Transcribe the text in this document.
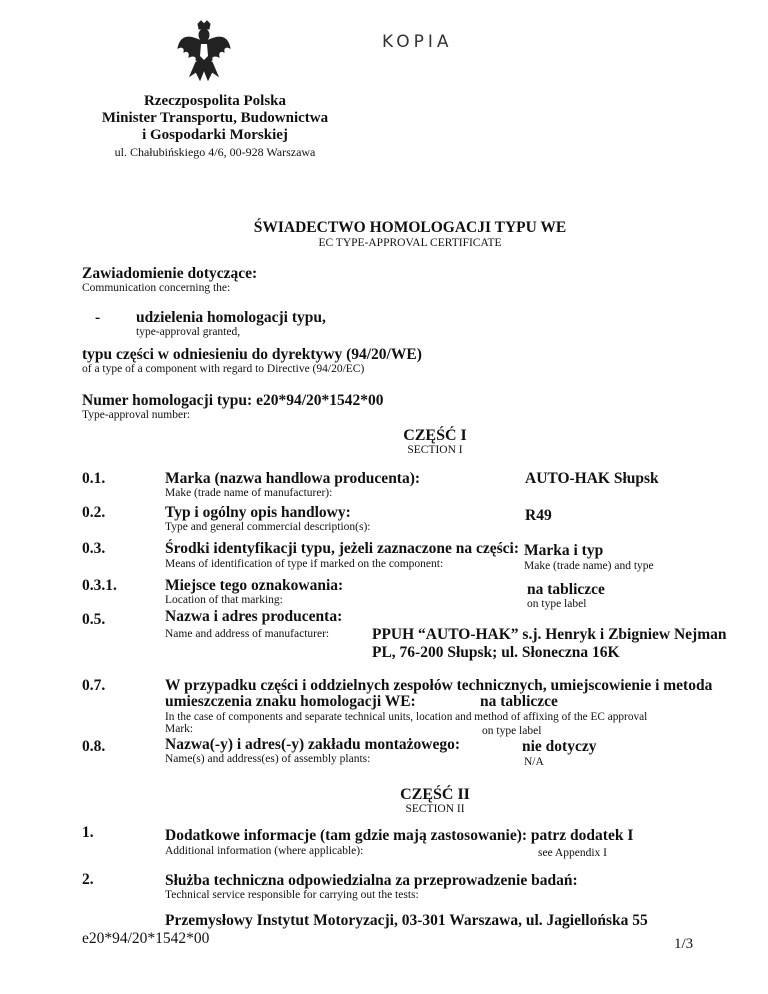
KOPIA
Rzeczpospolita Polska
Minister Transportu, Budownictwa
i Gospodarki Morskiej
ul. Chałubińskiego 4/6, 00-928 Warszawa
ŚWIADECTWO HOMOLOGACJI TYPU WE
EC TYPE-APPROVAL CERTIFICATE
Zawiadomienie dotyczące:
Communication concerning the:
- udzielenia homologacji typu,
type-approval granted,
typu części w odniesieniu do dyrektywy (94/20/WE)
of a type of a component with regard to Directive (94/20/EC)
Numer homologacji typu: e20*94/20*1542*00
Type-approval number:
CZĘŚĆ I
SECTION I
0.1.	Marka (nazwa handlowa producenta):
Make (trade name of manufacturer):
AUTO-HAK Słupsk
0.2.	Typ i ogólny opis handlowy:
Type and general commercial description(s):
R49
0.3.	Środki identyfikacji typu, jeżeli zaznaczone na części:
Means of identification of type if marked on the component:
Marka i typ
Make (trade name) and type
0.3.1.	Miejsce tego oznakowania:
Location of that marking:
na tabliczce
on type label
0.5.	Nazwa i adres producenta:
Name and address of manufacturer:	PPUH “AUTO-HAK” s.j. Henryk i Zbigniew Nejman
PL, 76-200 Słupsk; ul. Słoneczna 16K
0.7.	W przypadku części i oddzielnych zespołów technicznych, umiejscowienie i metoda
umieszczenia znaku homologacji WE:	na tabliczce
In the case of components and separate technical units, location and method of affixing of the EC approval
Mark:	on type label
0.8.	Nazwa(-y) i adres(-y) zakładu montażowego:
Name(s) and address(es) of assembly plants:
nie dotyczy
N/A
CZĘŚĆ II
SECTION II
1.	Dodatkowe informacje (tam gdzie mają zastosowanie): patrz dodatek I
Additional information (where applicable):	see Appendix I
2.	Służba techniczna odpowiedzialna za przeprowadzenie badań:
Technical service responsible for carrying out the tests:
Przemysłowy Instytut Motoryzacji, 03-301 Warszawa, ul. Jagiellońska 55
e20*94/20*1542*00	1/3
